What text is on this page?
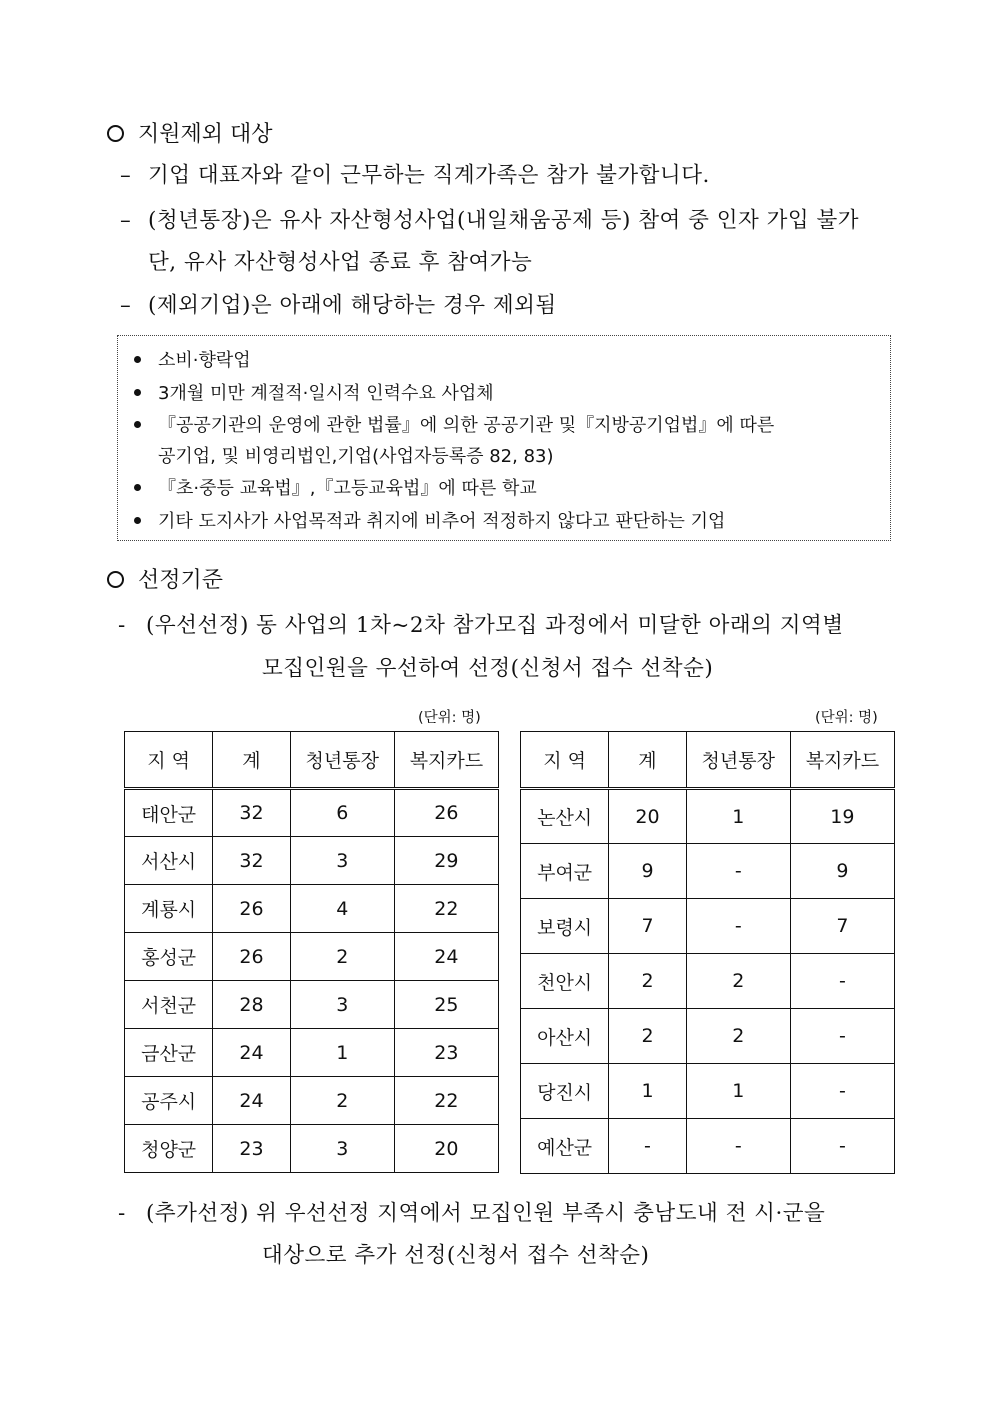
지원제외 대상
– 기업 대표자와 같이 근무하는 직계가족은 참가 불가합니다.
– (청년통장)은 유사 자산형성사업(내일채움공제 등) 참여 중 인자 가입 불가
단, 유사 자산형성사업 종료 후 참여가능
– (제외기업)은 아래에 해당하는 경우 제외됨
소비·향락업
3개월 미만 계절적·일시적 인력수요 사업체
『공공기관의 운영에 관한 법률』에 의한 공공기관 및『지방공기업법』에 따른
공기업, 및 비영리법인,기업(사업자등록증 82, 83)
『초·중등 교육법』,『고등교육법』에 따른 학교
기타 도지사가 사업목적과 취지에 비추어 적정하지 않다고 판단하는 기업
선정기준
- (우선선정) 동 사업의 1차~2차 참가모집 과정에서 미달한 아래의 지역별
모집인원을 우선하여 선정(신청서 접수 선착순)
(단위: 명)	(단위: 명)
지 역	계	청년통장	복지카드
태안군	32	6	26
서산시	32	3	29
계룡시	26	4	22
홍성군	26	2	24
서천군	28	3	25
금산군	24	1	23
공주시	24	2	22
청양군	23	3	20
지 역	계	청년통장	복지카드
논산시	20	1	19
부여군	9	-	9
보령시	7	-	7
천안시	2	2	-
아산시	2	2	-
당진시	1	1	-
예산군	-	-	-
- (추가선정) 위 우선선정 지역에서 모집인원 부족시 충남도내 전 시·군을
대상으로 추가 선정(신청서 접수 선착순)
